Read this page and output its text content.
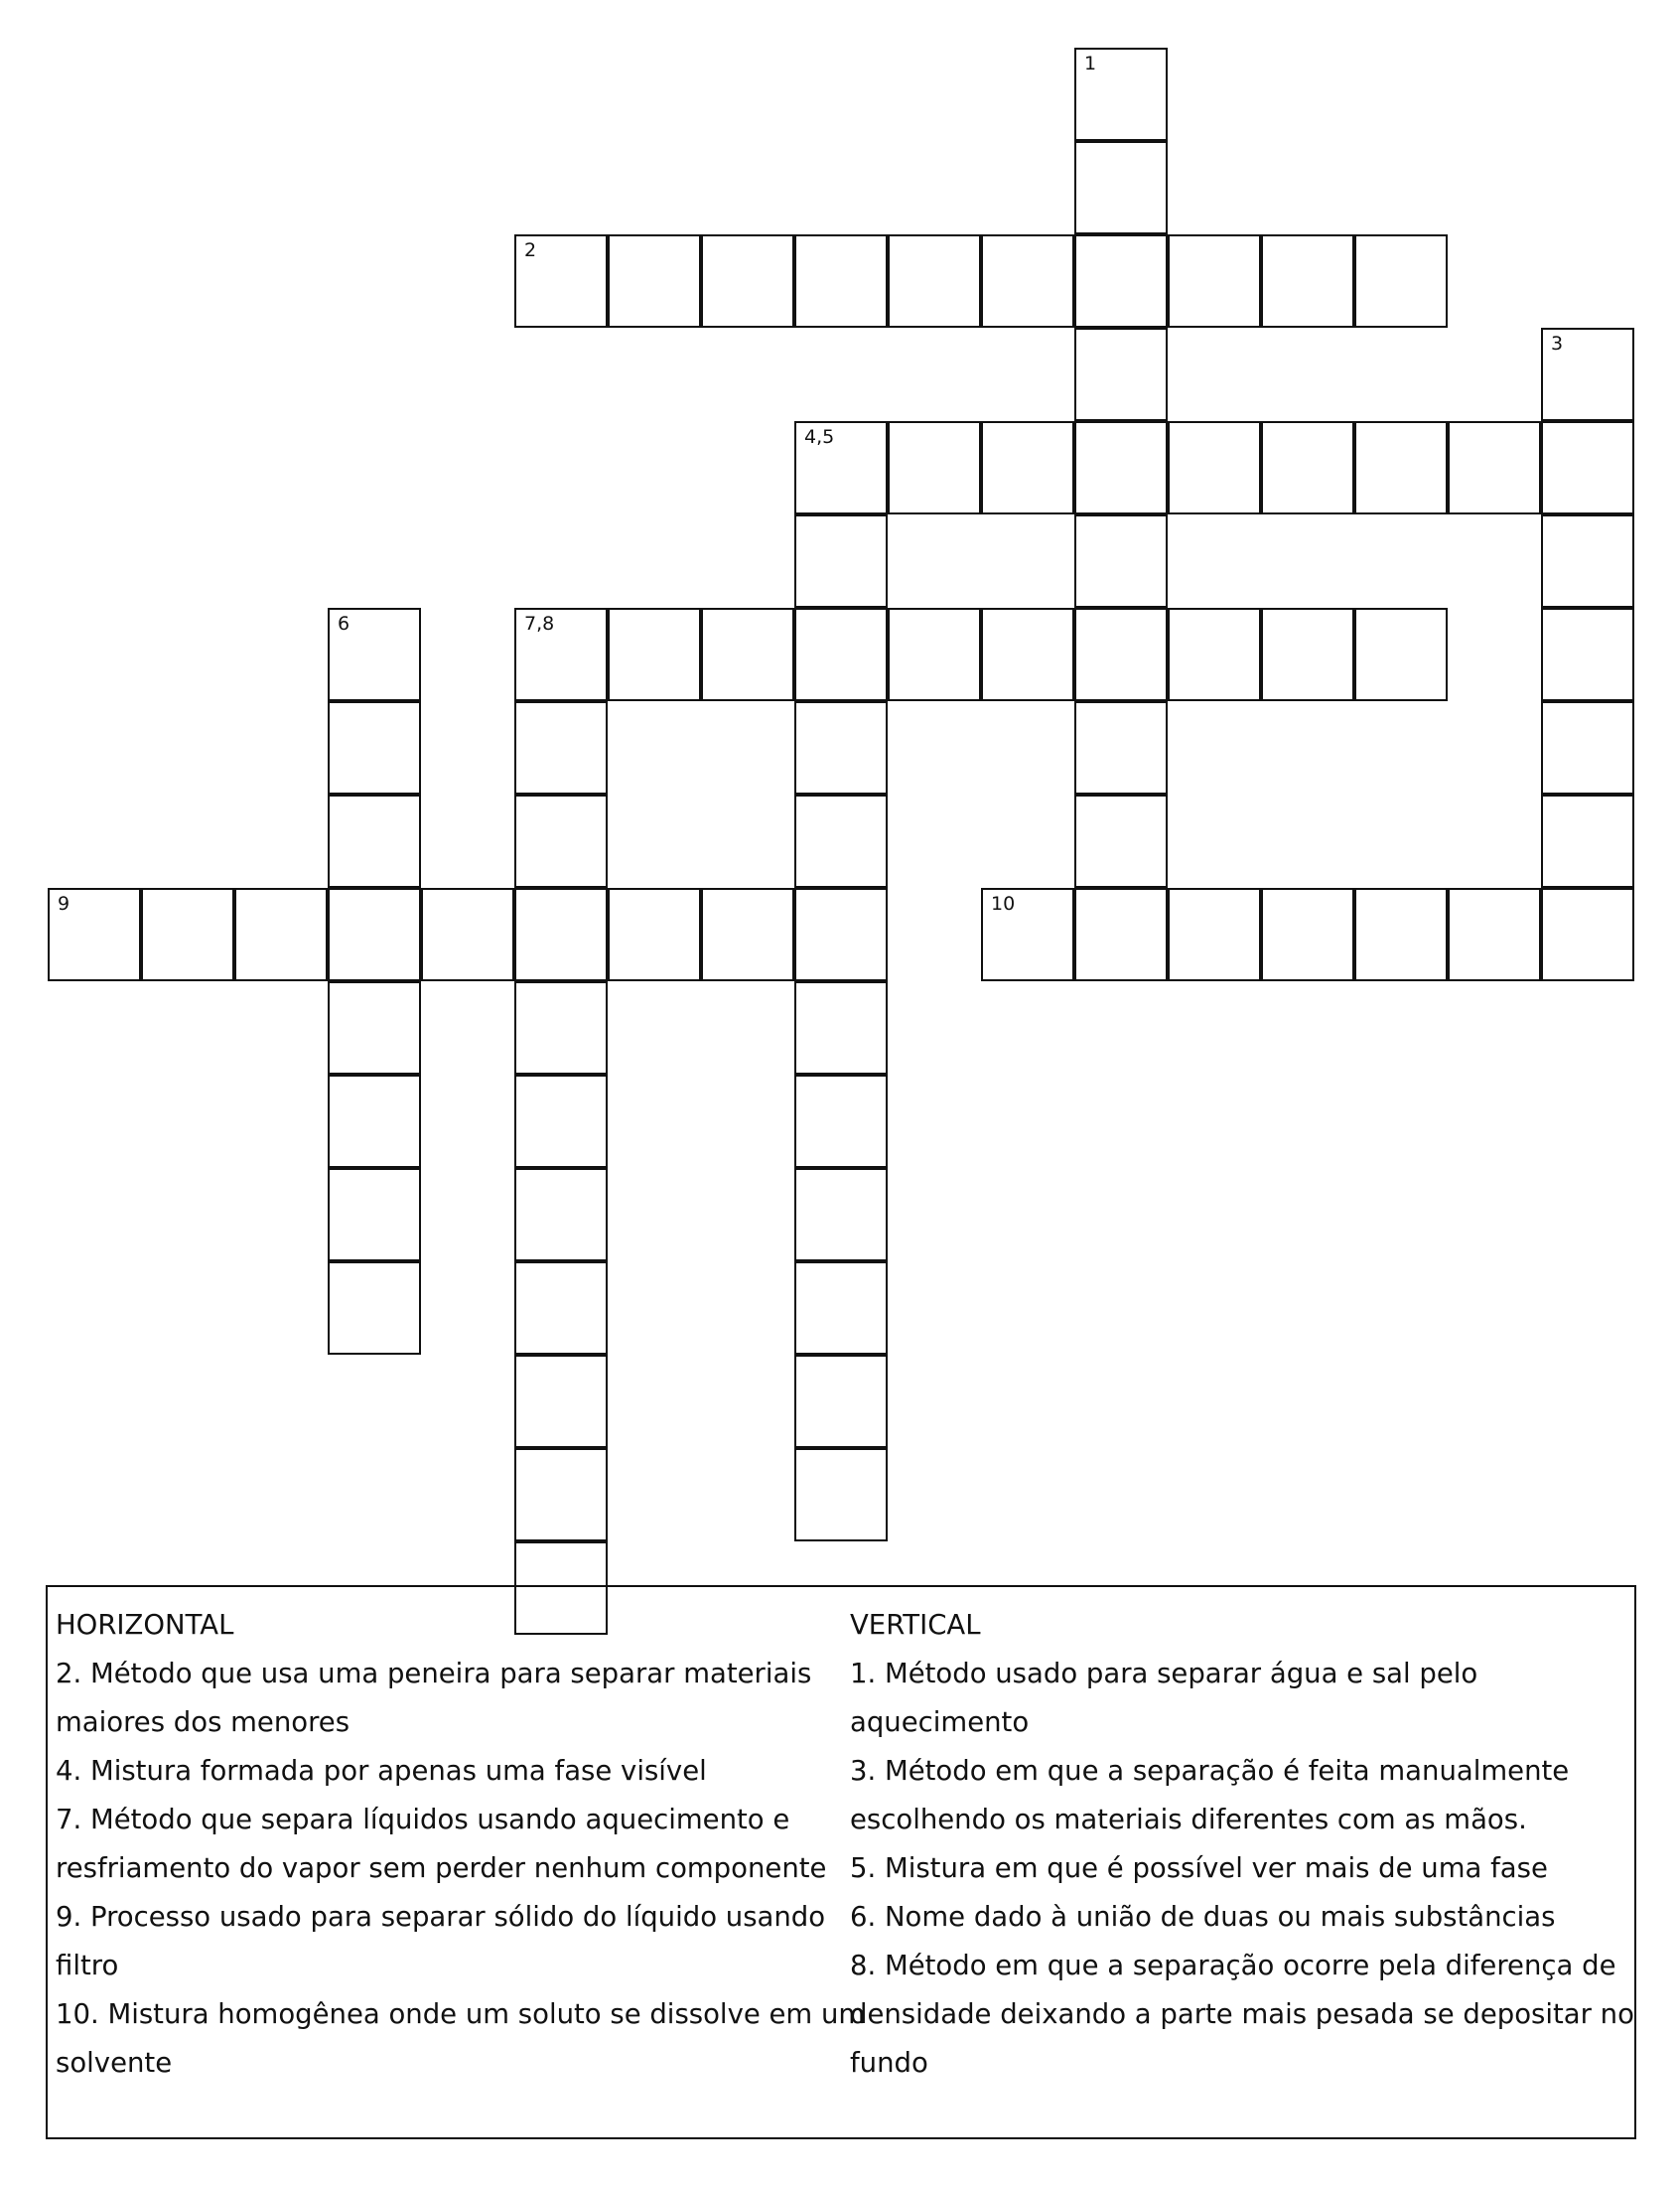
1
2
3
4,5
6	7,8
9	10
HORIZONTAL
2. Método que usa uma peneira para separar materiais
maiores dos menores
4. Mistura formada por apenas uma fase visível
7. Método que separa líquidos usando aquecimento e
resfriamento do vapor sem perder nenhum componente
9. Processo usado para separar sólido do líquido usando
filtro
10. Mistura homogênea onde um soluto se dissolve em um
solvente
VERTICAL
1. Método usado para separar água e sal pelo
aquecimento
3. Método em que a separação é feita manualmente
escolhendo os materiais diferentes com as mãos.
5. Mistura em que é possível ver mais de uma fase
6. Nome dado à união de duas ou mais substâncias
8. Método em que a separação ocorre pela diferença de
densidade deixando a parte mais pesada se depositar no
fundo
